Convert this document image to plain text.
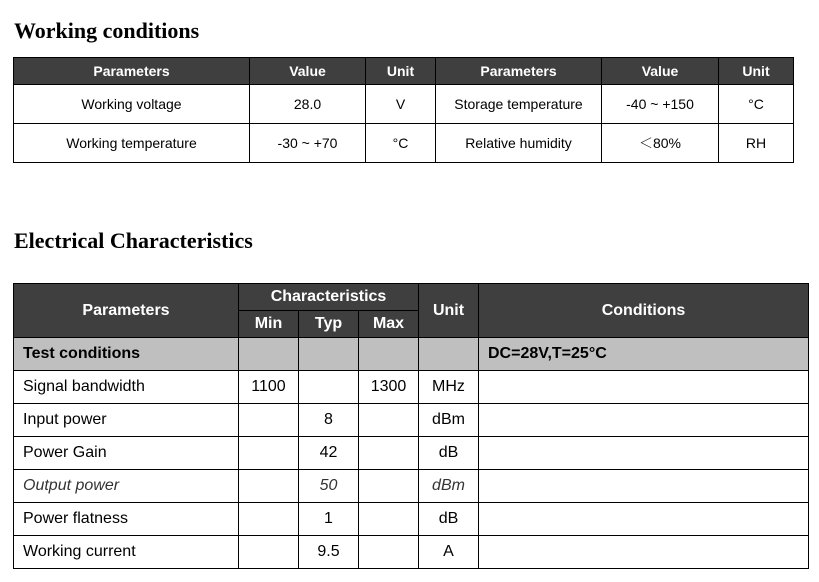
Working conditions
Parameters	Value	Unit	Parameters	Value	Unit
Working voltage	28.0	V	Storage temperature	-40 ~ +150	°C
Working temperature	-30 ~ +70	°C	Relative humidity	＜80%	RH
Electrical Characteristics
Parameters	Characteristics			Unit	Conditions
	Min	Typ	Max		
Test conditions					DC=28V,T=25°C
Signal bandwidth	1100		1300	MHz	
Input power		8		dBm	
Power Gain		42		dB	
Output power		50		dBm	
Power flatness		1		dB	
Working current		9.5		A	
